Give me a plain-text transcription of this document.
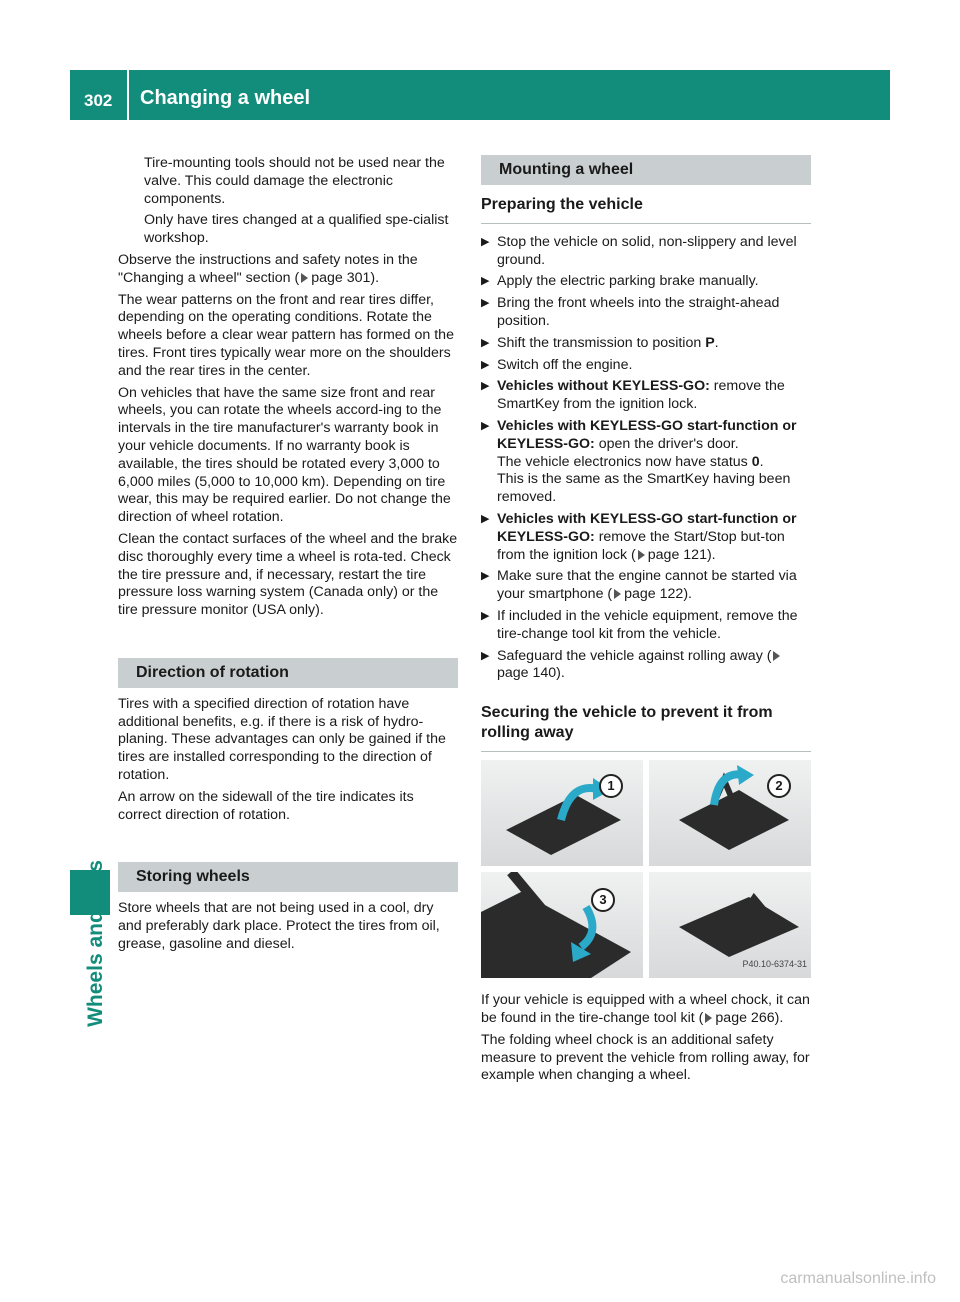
302 Changing a wheel
Wheels and tires

Tire-mounting tools should not be used near the valve. This could damage the electronic components.

Only have tires changed at a qualified spe-cialist workshop.

Observe the instructions and safety notes in the "Changing a wheel" section ( page 301).

The wear patterns on the front and rear tires differ, depending on the operating conditions. Rotate the wheels before a clear wear pattern has formed on the tires. Front tires typically wear more on the shoulders and the rear tires in the center.

On vehicles that have the same size front and rear wheels, you can rotate the wheels accord-ing to the intervals in the tire manufacturer's warranty book in your vehicle documents. If no warranty book is available, the tires should be rotated every 3,000 to 6,000 miles (5,000 to 10,000 km). Depending on tire wear, this may be required earlier. Do not change the direction of wheel rotation.

Clean the contact surfaces of the wheel and the brake disc thoroughly every time a wheel is rota-ted. Check the tire pressure and, if necessary, restart the tire pressure loss warning system (Canada only) or the tire pressure monitor (USA only).

Direction of rotation

Tires with a specified direction of rotation have additional benefits, e.g. if there is a risk of hydro-planing. These advantages can only be gained if the tires are installed corresponding to the direction of rotation.

An arrow on the sidewall of the tire indicates its correct direction of rotation.

Storing wheels

Store wheels that are not being used in a cool, dry and preferably dark place. Protect the tires from oil, grease, gasoline and diesel.

Mounting a wheel
Preparing the vehicle
▶ Stop the vehicle on solid, non-slippery and level ground.
▶ Apply the electric parking brake manually.
▶ Bring the front wheels into the straight-ahead position.
▶ Shift the transmission to position P.
▶ Switch off the engine.
▶ Vehicles without KEYLESS-GO: remove the SmartKey from the ignition lock.
▶ Vehicles with KEYLESS-GO start-function or KEYLESS-GO: open the driver's door.
The vehicle electronics now have status 0.
This is the same as the SmartKey having been removed.
▶ Vehicles with KEYLESS-GO start-function or KEYLESS-GO: remove the Start/Stop but-ton from the ignition lock ( page 121).
▶ Make sure that the engine cannot be started via your smartphone ( page 122).
▶ If included in the vehicle equipment, remove the tire-change tool kit from the vehicle.
▶ Safeguard the vehicle against rolling away (page 140).
Securing the vehicle to prevent it from rolling away
1	2
3
P40.10-6374-31

If your vehicle is equipped with a wheel chock, it can be found in the tire-change tool kit ( page 266).

The folding wheel chock is an additional safety measure to prevent the vehicle from rolling away, for example when changing a wheel.

carmanualsonline.info
